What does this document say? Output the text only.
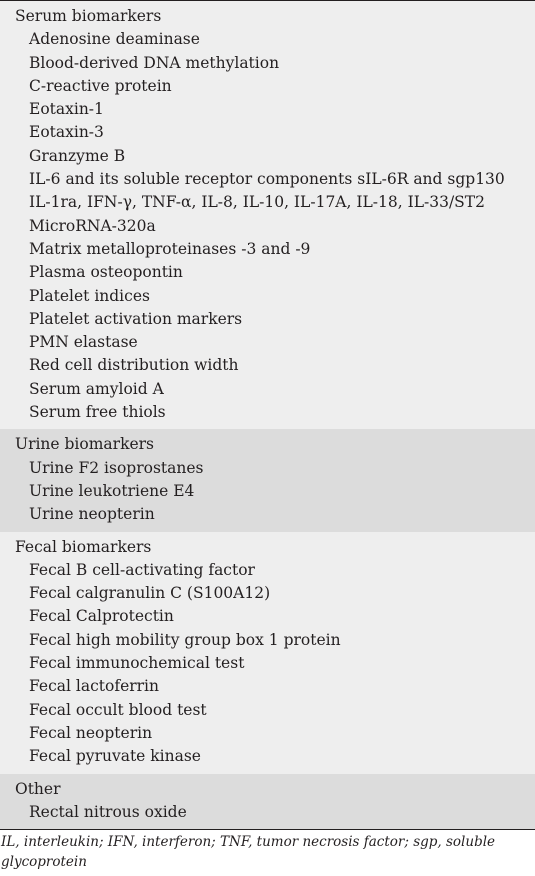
Serum biomarkers
Adenosine deaminase
Blood-derived DNA methylation
C-reactive protein
Eotaxin-1
Eotaxin-3
Granzyme B
IL-6 and its soluble receptor components sIL-6R and sgp130
IL-1ra, IFN-γ, TNF-α, IL-8, IL-10, IL-17A, IL-18, IL-33/ST2
MicroRNA-320a
Matrix metalloproteinases -3 and -9
Plasma osteopontin
Platelet indices
Platelet activation markers
PMN elastase
Red cell distribution width
Serum amyloid A
Serum free thiols
Urine biomarkers
Urine F2 isoprostanes
Urine leukotriene E4
Urine neopterin
Fecal biomarkers
Fecal B cell-activating factor
Fecal calgranulin C (S100A12)
Fecal Calprotectin
Fecal high mobility group box 1 protein
Fecal immunochemical test
Fecal lactoferrin
Fecal occult blood test
Fecal neopterin
Fecal pyruvate kinase
Other
Rectal nitrous oxide
IL, interleukin; IFN, interferon; TNF, tumor necrosis factor; sgp, soluble glycoprotein
